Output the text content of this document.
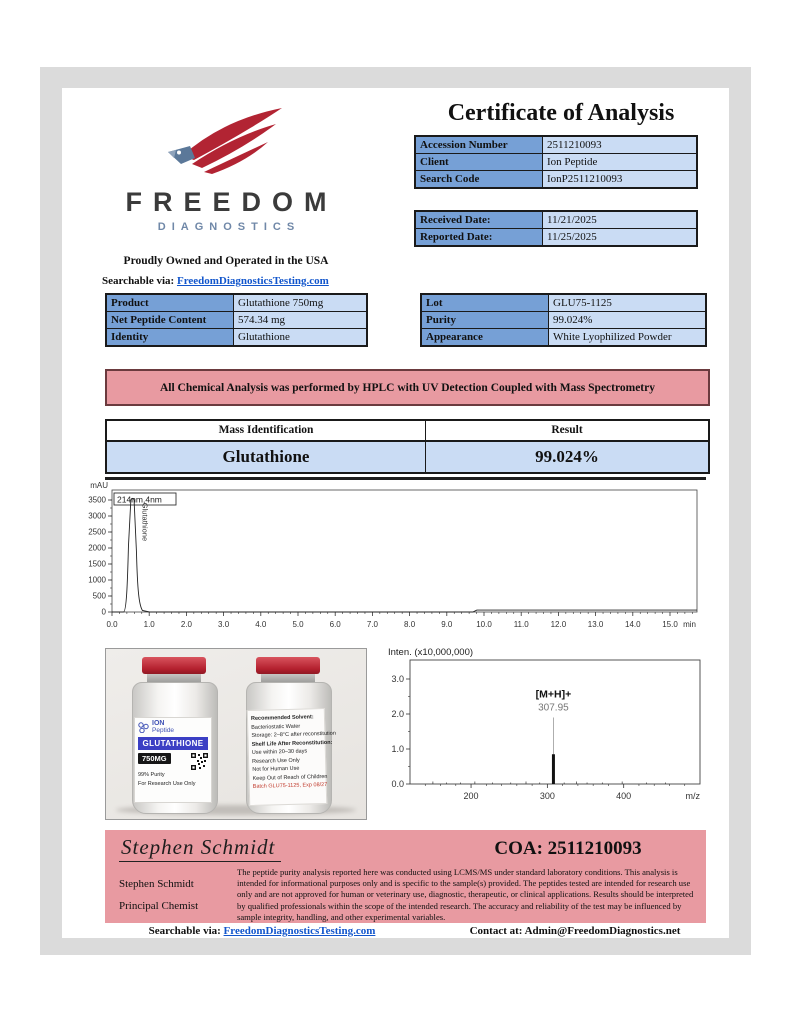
FREEDOM
DIAGNOSTICS
Proudly Owned and Operated in the USA
Searchable via: FreedomDiagnosticsTesting.com
Certificate of Analysis
Accession Number	2511210093
Client	Ion Peptide
Search Code	IonP2511210093
Received Date:	11/21/2025
Reported Date:	11/25/2025
Product	Glutathione 750mg
Net Peptide Content	574.34 mg
Identity	Glutathione
Lot	GLU75-1125
Purity	99.024%
Appearance	White Lyophilized Powder
All Chemical Analysis was performed by HPLC with UV Detection Coupled with Mass Spectrometry
Mass Identification	Result
Glutathione	99.024%
mAU
0
500
1000
1500
2000
2500
3000
3500
0.0	1.0	2.0	3.0	4.0	5.0	6.0	7.0	8.0	9.0	10.0	11.0	12.0	13.0	14.0	15.0 min
214nm,4nm
Glutathione
ION
Peptide
GLUTATHIONE
750MG
99% Purity
For Research Use Only
Recommended Solvent:
Bacteriostatic Water
Storage: 2–8°C after reconstitution
Shelf Life After Reconstitution:
Use within 20–30 days
Research Use Only
Not for Human Use
Keep Out of Reach of Children
Batch GLU75-1125, Exp 08/27
Inten. (x10,000,000)
0.0
1.0
2.0
3.0
200	300	400	m/z
[M+H]+
307.95
Stephen Schmidt	COA: 2511210093
Stephen Schmidt
Principal Chemist
The peptide purity analysis reported here was conducted using LCMS/MS under standard laboratory conditions. This analysis is intended for informational purposes only and is specific to the sample(s) provided. The peptides tested are intended for research use only and are not approved for human or veterinary use, diagnostic, therapeutic, or clinical applications. Results should be interpreted by qualified professionals within the scope of the intended research. The accuracy and reliability of the test may be influenced by sample integrity, handling, and other experimental variables.
Searchable via: FreedomDiagnosticsTesting.com	Contact at: Admin@FreedomDiagnostics.net
